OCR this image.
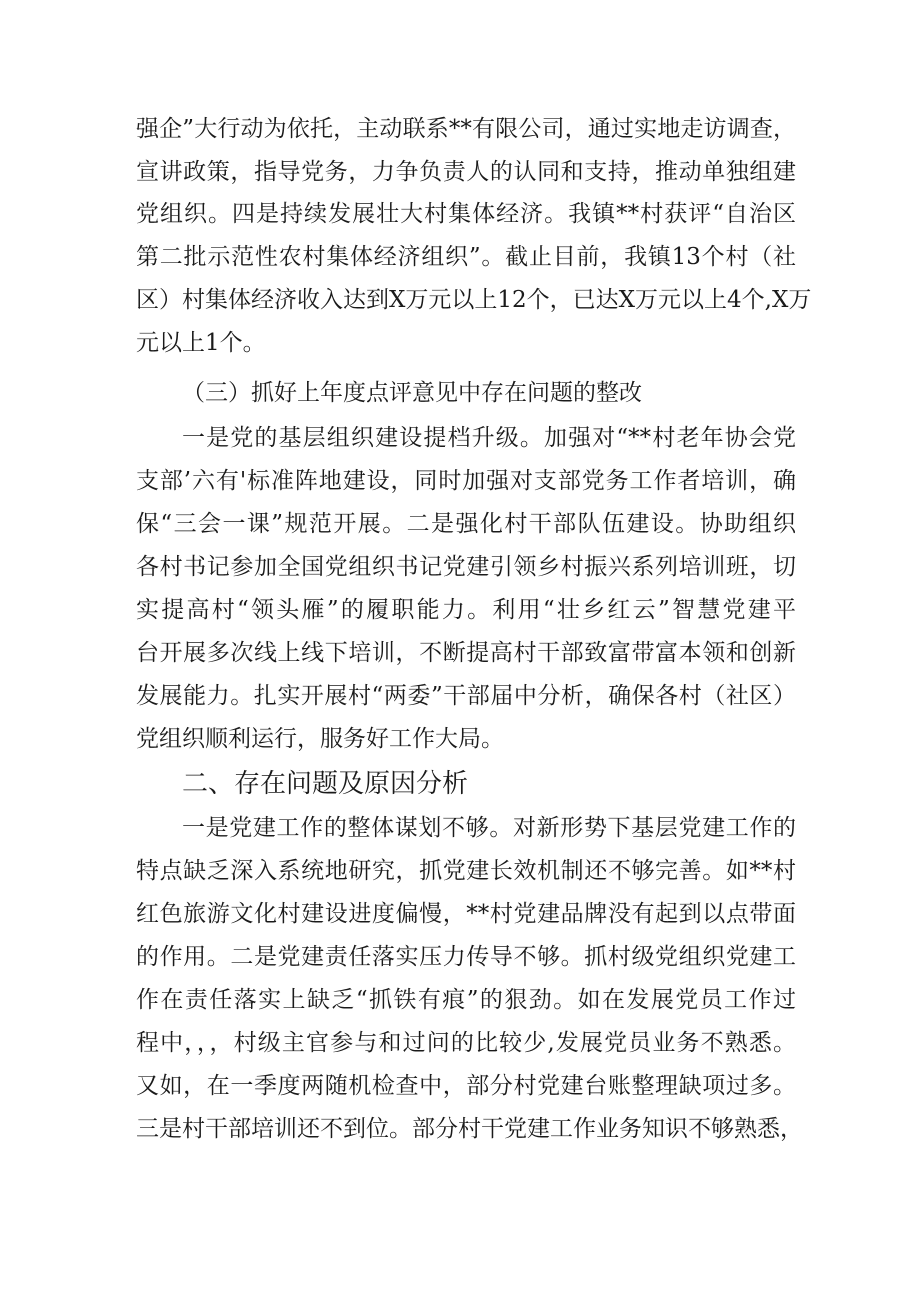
强企”大行动为依托，主动联系**有限公司，通过实地走访调查，
宣讲政策，指导党务，力争负责人的认同和支持，推动单独组建
党组织。四是持续发展壮大村集体经济。我镇**村获评“自治区
第二批示范性农村集体经济组织”。截止目前，我镇13个村（社
区）村集体经济收入达到X万元以上12个，已达X万元以上4个,X万
元以上1个。
（三）抓好上年度点评意见中存在问题的整改
一是党的基层组织建设提档升级。加强对“**村老年协会党
支部’六有'标准阵地建设，同时加强对支部党务工作者培训，确
保“三会一课”规范开展。二是强化村干部队伍建设。协助组织
各村书记参加全国党组织书记党建引领乡村振兴系列培训班，切
实提高村“领头雁”的履职能力。利用“壮乡红云”智慧党建平
台开展多次线上线下培训，不断提高村干部致富带富本领和创新
发展能力。扎实开展村“两委”干部届中分析，确保各村（社区）
党组织顺利运行，服务好工作大局。
二、存在问题及原因分析
一是党建工作的整体谋划不够。对新形势下基层党建工作的
特点缺乏深入系统地研究，抓党建长效机制还不够完善。如**村
红色旅游文化村建设进度偏慢，**村党建品牌没有起到以点带面
的作用。二是党建责任落实压力传导不够。抓村级党组织党建工
作在责任落实上缺乏“抓铁有痕”的狠劲。如在发展党员工作过
程中，，，村级主官参与和过问的比较少,发展党员业务不熟悉。
又如，在一季度两随机检查中，部分村党建台账整理缺项过多。
三是村干部培训还不到位。部分村干党建工作业务知识不够熟悉，
